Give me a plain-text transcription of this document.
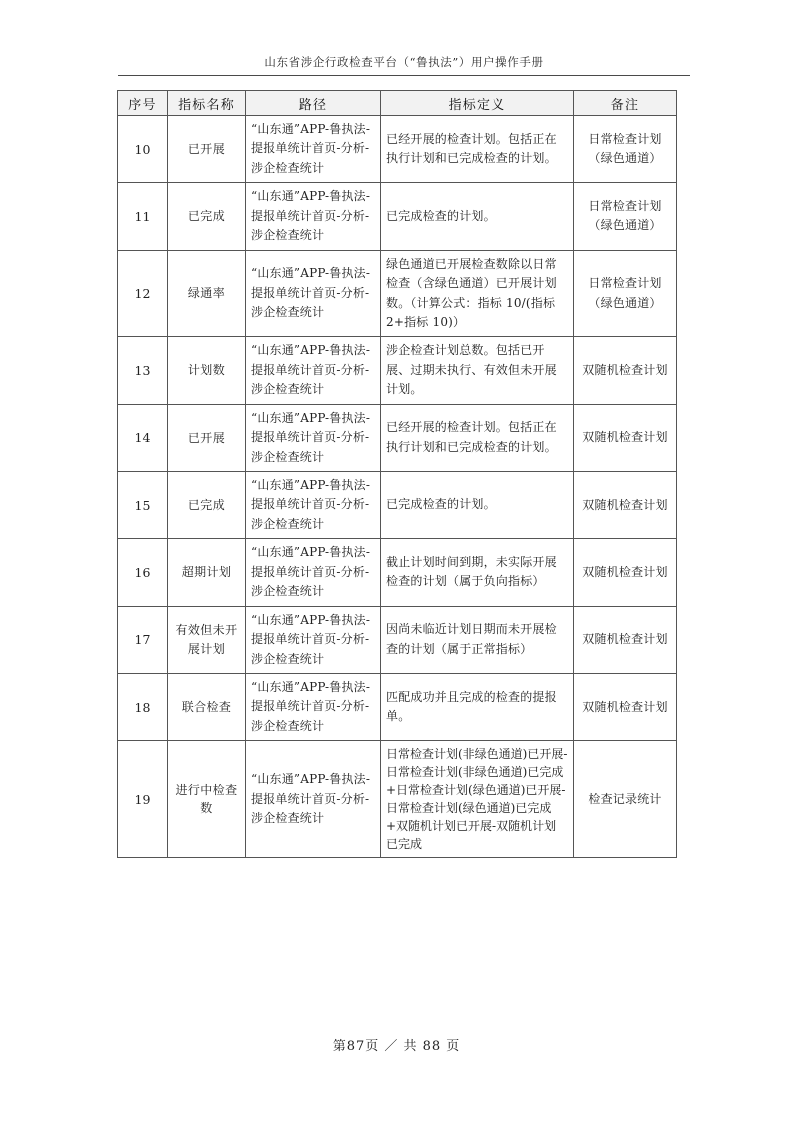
山东省涉企行政检查平台（“鲁执法”）用户操作手册
序号	指标名称	路径	指标定义	备注
10	已开展	“山东通”APP-鲁执法-提报单统计首页-分析-涉企检查统计	已经开展的检查计划。包括正在执行计划和已完成检查的计划。	日常检查计划（绿色通道）
11	已完成	“山东通”APP-鲁执法-提报单统计首页-分析-涉企检查统计	已完成检查的计划。	日常检查计划（绿色通道）
12	绿通率	“山东通”APP-鲁执法-提报单统计首页-分析-涉企检查统计	绿色通道已开展检查数除以日常检查（含绿色通道）已开展计划数。（计算公式：指标 10/(指标 2+指标 10)）	日常检查计划（绿色通道）
13	计划数	“山东通”APP-鲁执法-提报单统计首页-分析-涉企检查统计	涉企检查计划总数。包括已开展、过期未执行、有效但未开展计划。	双随机检查计划
14	已开展	“山东通”APP-鲁执法-提报单统计首页-分析-涉企检查统计	已经开展的检查计划。包括正在执行计划和已完成检查的计划。	双随机检查计划
15	已完成	“山东通”APP-鲁执法-提报单统计首页-分析-涉企检查统计	已完成检查的计划。	双随机检查计划
16	超期计划	“山东通”APP-鲁执法-提报单统计首页-分析-涉企检查统计	截止计划时间到期，未实际开展检查的计划（属于负向指标）	双随机检查计划
17	有效但未开展计划	“山东通”APP-鲁执法-提报单统计首页-分析-涉企检查统计	因尚未临近计划日期而未开展检查的计划（属于正常指标）	双随机检查计划
18	联合检查	“山东通”APP-鲁执法-提报单统计首页-分析-涉企检查统计	匹配成功并且完成的检查的提报单。	双随机检查计划
19	进行中检查数	“山东通”APP-鲁执法-提报单统计首页-分析-涉企检查统计	日常检查计划(非绿色通道)已开展-日常检查计划(非绿色通道)已完成+日常检查计划(绿色通道)已开展-日常检查计划(绿色通道)已完成+双随机计划已开展-双随机计划已完成	检查记录统计
第87页 ／ 共 88 页
